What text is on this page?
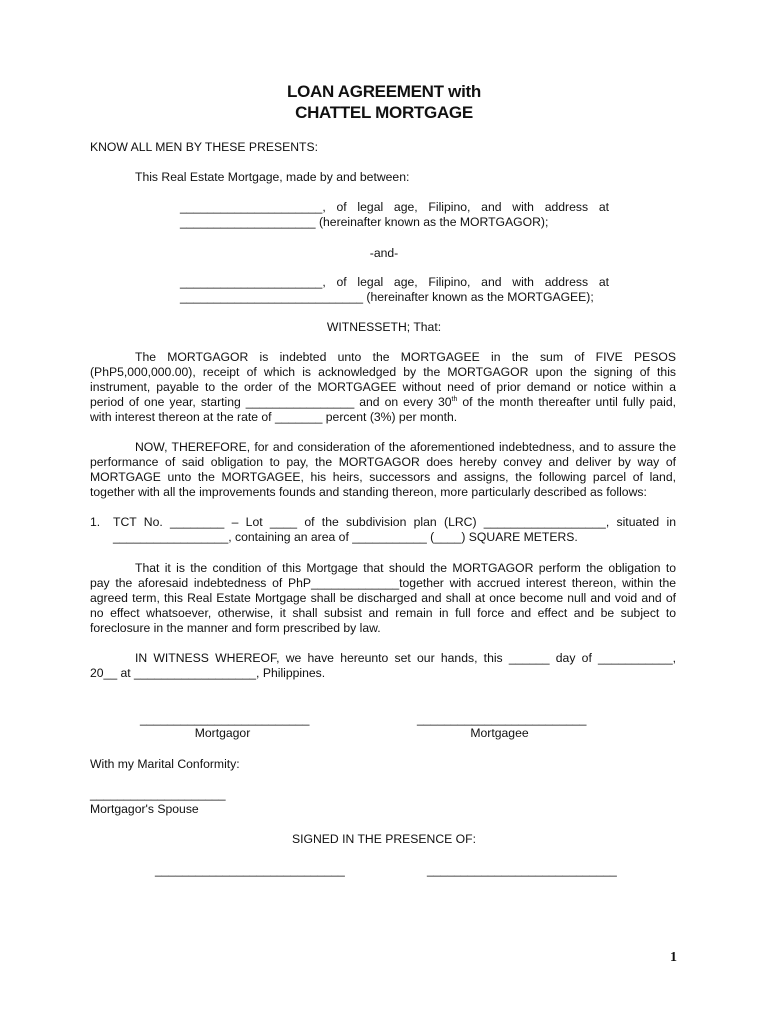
LOAN AGREEMENT with
CHATTEL MORTGAGE
KNOW ALL MEN BY THESE PRESENTS:
This Real Estate Mortgage, made by and between:
_____________________, of legal age, Filipino, and with address at
____________________ (hereinafter known as the MORTGAGOR);
-and-
_____________________, of legal age, Filipino, and with address at
___________________________ (hereinafter known as the MORTGAGEE);
WITNESSETH; That:
The MORTGAGOR is indebted unto the MORTGAGEE in the sum of FIVE PESOS
(PhP5,000,000.00), receipt of which is acknowledged by the MORTGAGOR upon the signing of this
instrument, payable to the order of the MORTGAGEE without need of prior demand or notice within a
period of one year, starting ________________ and on every 30th of the month thereafter until fully paid,
with interest thereon at the rate of _______ percent (3%) per month.
NOW, THEREFORE, for and consideration of the aforementioned indebtedness, and to assure the
performance of said obligation to pay, the MORTGAGOR does hereby convey and deliver by way of
MORTGAGE unto the MORTGAGEE, his heirs, successors and assigns, the following parcel of land,
together with all the improvements founds and standing thereon, more particularly described as follows:
1. TCT No. ________ – Lot ____ of the subdivision plan (LRC) __________________, situated in
_________________, containing an area of ___________ (____) SQUARE METERS.
That it is the condition of this Mortgage that should the MORTGAGOR perform the obligation to
pay the aforesaid indebtedness of PhP_____________together with accrued interest thereon, within the
agreed term, this Real Estate Mortgage shall be discharged and shall at once become null and void and of
no effect whatsoever, otherwise, it shall subsist and remain in full force and effect and be subject to
foreclosure in the manner and form prescribed by law.
IN WITNESS WHEREOF, we have hereunto set our hands, this ______ day of ___________,
20__ at __________________, Philippines.
_________________________
Mortgagor
_________________________
Mortgagee
With my Marital Conformity:
____________________
Mortgagor's Spouse
SIGNED IN THE PRESENCE OF:
____________________________	____________________________
1
